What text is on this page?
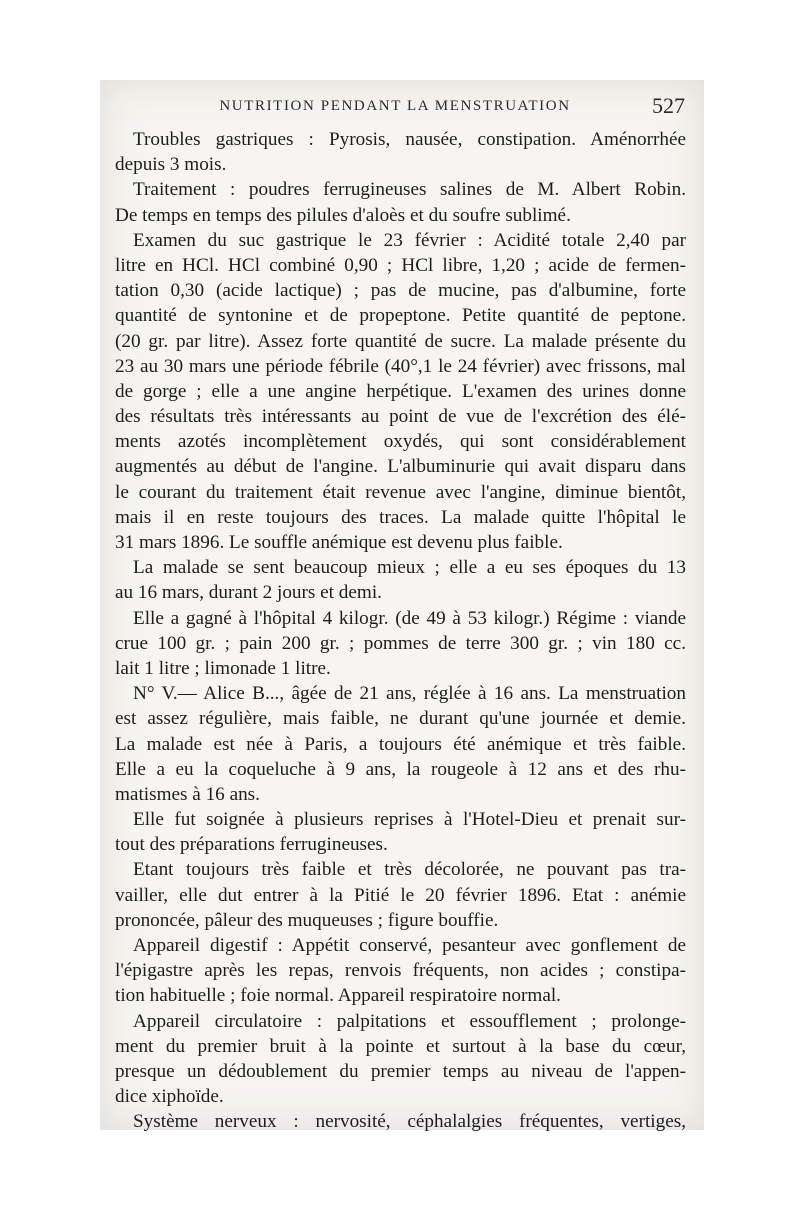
NUTRITION PENDANT LA MENSTRUATION	527
Troubles gastriques : Pyrosis, nausée, constipation. Aménorrhée
depuis 3 mois.
Traitement : poudres ferrugineuses salines de M. Albert Robin.
De temps en temps des pilules d'aloès et du soufre sublimé.
Examen du suc gastrique le 23 février : Acidité totale 2,40 par
litre en HCl. HCl combiné 0,90 ; HCl libre, 1,20 ; acide de fermen-
tation 0,30 (acide lactique) ; pas de mucine, pas d'albumine, forte
quantité de syntonine et de propeptone. Petite quantité de peptone.
(20 gr. par litre). Assez forte quantité de sucre. La malade présente du
23 au 30 mars une période fébrile (40°,1 le 24 février) avec frissons, mal
de gorge ; elle a une angine herpétique. L'examen des urines donne
des résultats très intéressants au point de vue de l'excrétion des élé-
ments azotés incomplètement oxydés, qui sont considérablement
augmentés au début de l'angine. L'albuminurie qui avait disparu dans
le courant du traitement était revenue avec l'angine, diminue bientôt,
mais il en reste toujours des traces. La malade quitte l'hôpital le
31 mars 1896. Le souffle anémique est devenu plus faible.
La malade se sent beaucoup mieux ; elle a eu ses époques du 13
au 16 mars, durant 2 jours et demi.
Elle a gagné à l'hôpital 4 kilogr. (de 49 à 53 kilogr.) Régime : viande
crue 100 gr. ; pain 200 gr. ; pommes de terre 300 gr. ; vin 180 cc.
lait 1 litre ; limonade 1 litre.
N° V.— Alice B..., âgée de 21 ans, réglée à 16 ans. La menstruation
est assez régulière, mais faible, ne durant qu'une journée et demie.
La malade est née à Paris, a toujours été anémique et très faible.
Elle a eu la coqueluche à 9 ans, la rougeole à 12 ans et des rhu-
matismes à 16 ans.
Elle fut soignée à plusieurs reprises à l'Hotel-Dieu et prenait sur-
tout des préparations ferrugineuses.
Etant toujours très faible et très décolorée, ne pouvant pas tra-
vailler, elle dut entrer à la Pitié le 20 février 1896. Etat : anémie
prononcée, pâleur des muqueuses ; figure bouffie.
Appareil digestif : Appétit conservé, pesanteur avec gonflement de
l'épigastre après les repas, renvois fréquents, non acides ; constipa-
tion habituelle ; foie normal. Appareil respiratoire normal.
Appareil circulatoire : palpitations et essoufflement ; prolonge-
ment du premier bruit à la pointe et surtout à la base du cœur,
presque un dédoublement du premier temps au niveau de l'appen-
dice xiphoïde.
Système nerveux : nervosité, céphalalgies fréquentes, vertiges,
